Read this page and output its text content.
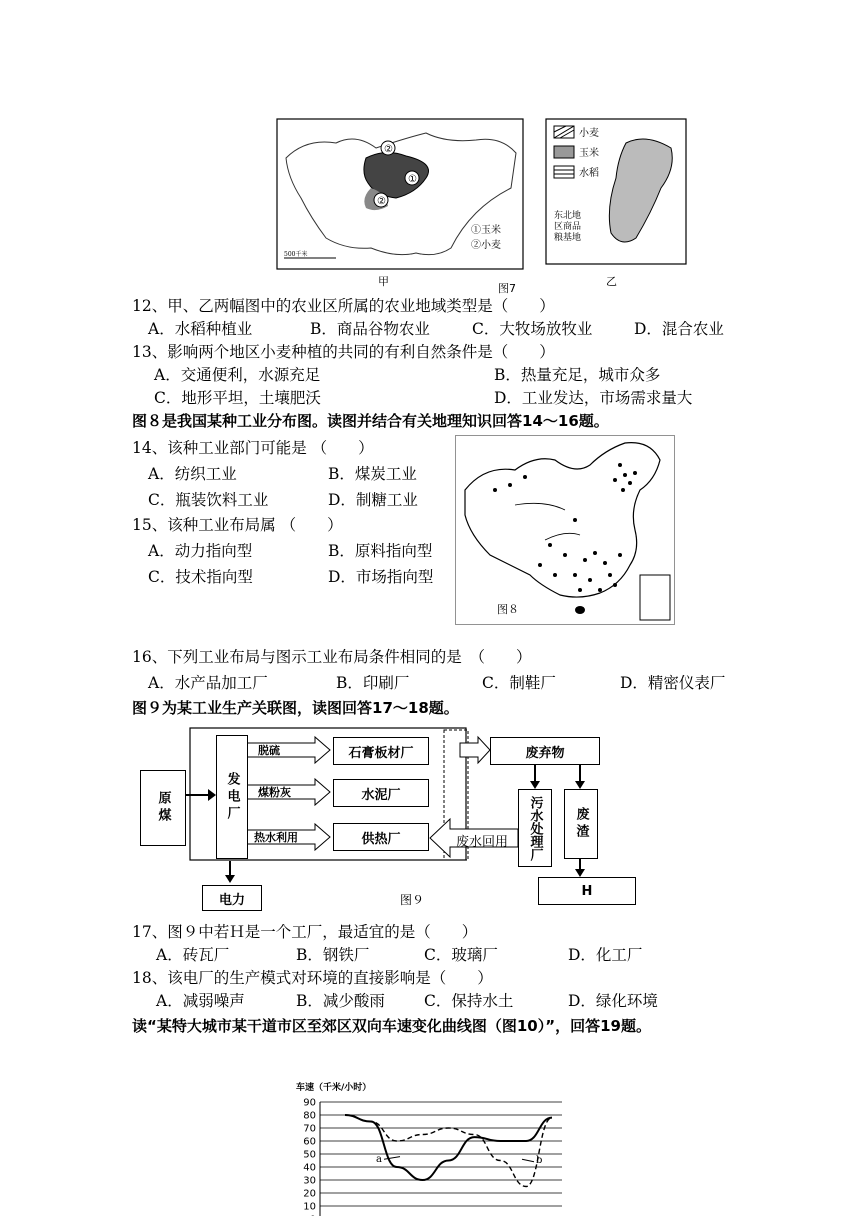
②
①
②
500千米
①玉米
②小麦
小麦
玉米
水稻
东北地
区商品
粮基地
甲
图7
乙
12、甲、乙两幅图中的农业区所属的农业地域类型是（　　）
A．水稻种植业	B．商品谷物农业	C．大牧场放牧业	D．混合农业
13、影响两个地区小麦种植的共同的有利自然条件是（　　）
A．交通便利，水源充足	B．热量充足，城市众多
C．地形平坦，土壤肥沃	D．工业发达，市场需求量大
图８是我国某种工业分布图。读图并结合有关地理知识回答14～16题。
14、该种工业部门可能是 （　　）
A．纺织工业	B．煤炭工业
C．瓶装饮料工业	D．制糖工业
15、该种工业布局属 （　　）
A．动力指向型	B．原料指向型
C．技术指向型	D．市场指向型
图８
16、下列工业布局与图示工业布局条件相同的是　（　　）
A．水产品加工厂	B．印刷厂	C．制鞋厂	D．精密仪表厂
图９为某工业生产关联图，读图回答17～18题。
原煤	发电厂
脱硫
煤粉灰
热水利用
石膏板材厂
水泥厂
供热厂
废弃物
污水处理厂	废渣
废水回用
电力
H
图９
17、图９中若Ｈ是一个工厂，最适宜的是（　　）
A．砖瓦厂	B．钢铁厂	C．玻璃厂	D．化工厂
18、该电厂的生产模式对环境的直接影响是（　　）
A．减弱噪声	B．减少酸雨	C．保持水土	D．绿化环境
读“某特大城市某干道市区至郊区双向车速变化曲线图（图10）”，回答19题。
车速（千米/小时）
10
20
30
40
50
60
70
80
90
a	b
